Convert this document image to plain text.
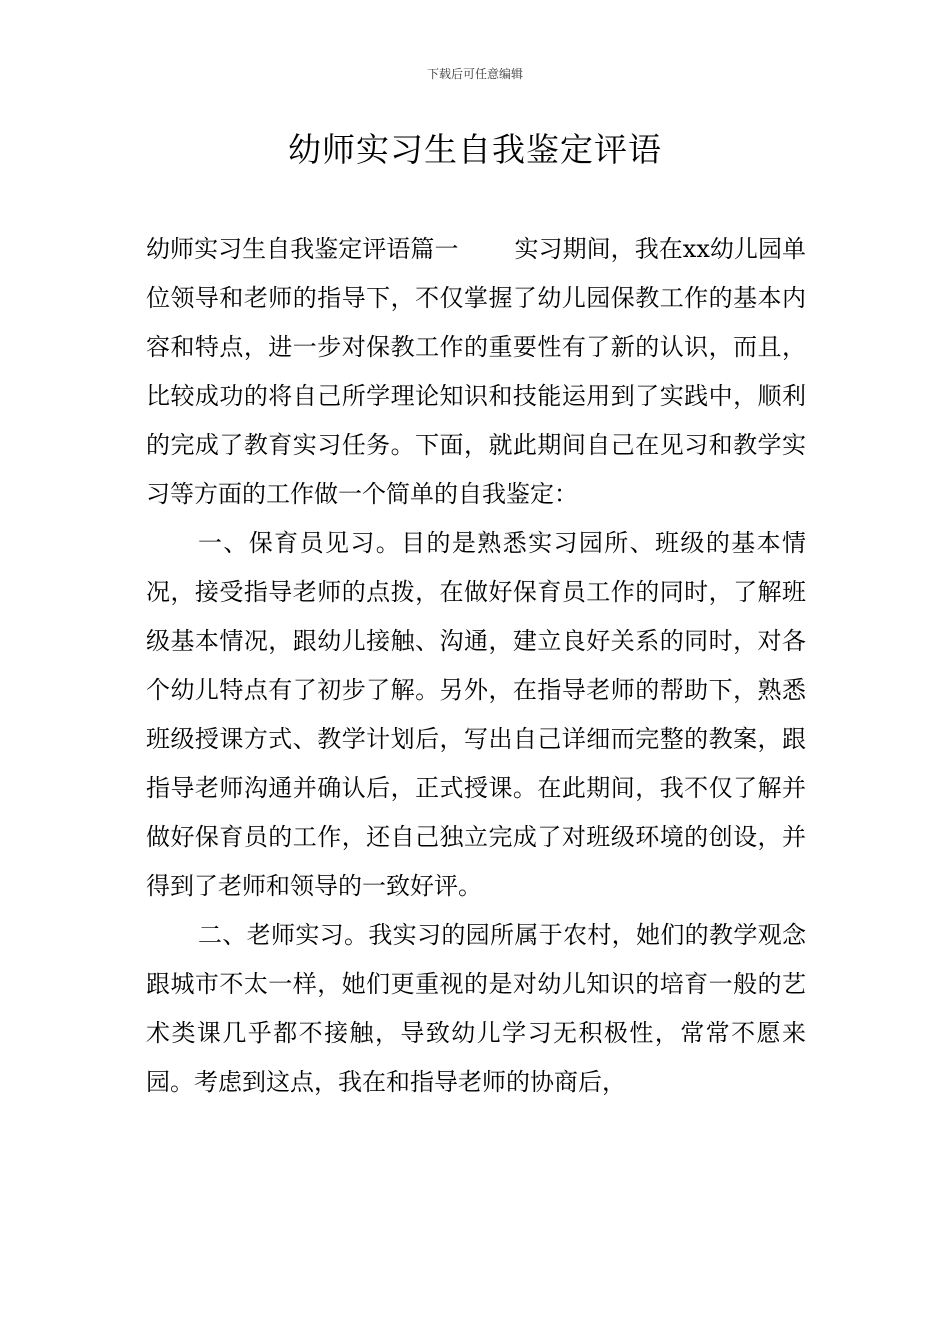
下载后可任意编辑
幼师实习生自我鉴定评语

幼师实习生自我鉴定评语篇一 实习期间，我在xx幼儿园单位领导和老师的指导下，不仅掌握了幼儿园保教工作的基本内容和特点，进一步对保教工作的重要性有了新的认识，而且，比较成功的将自己所学理论知识和技能运用到了实践中，顺利的完成了教育实习任务。下面，就此期间自己在见习和教学实习等方面的工作做一个简单的自我鉴定：

一、保育员见习。目的是熟悉实习园所、班级的基本情况，接受指导老师的点拨，在做好保育员工作的同时，了解班级基本情况，跟幼儿接触、沟通，建立良好关系的同时，对各个幼儿特点有了初步了解。另外，在指导老师的帮助下，熟悉班级授课方式、教学计划后，写出自己详细而完整的教案，跟指导老师沟通并确认后，正式授课。在此期间，我不仅了解并做好保育员的工作，还自己独立完成了对班级环境的创设，并得到了老师和领导的一致好评。

二、老师实习。我实习的园所属于农村，她们的教学观念跟城市不太一样，她们更重视的是对幼儿知识的培育一般的艺术类课几乎都不接触，导致幼儿学习无积极性，常常不愿来园。考虑到这点，我在和指导老师的协商后，
